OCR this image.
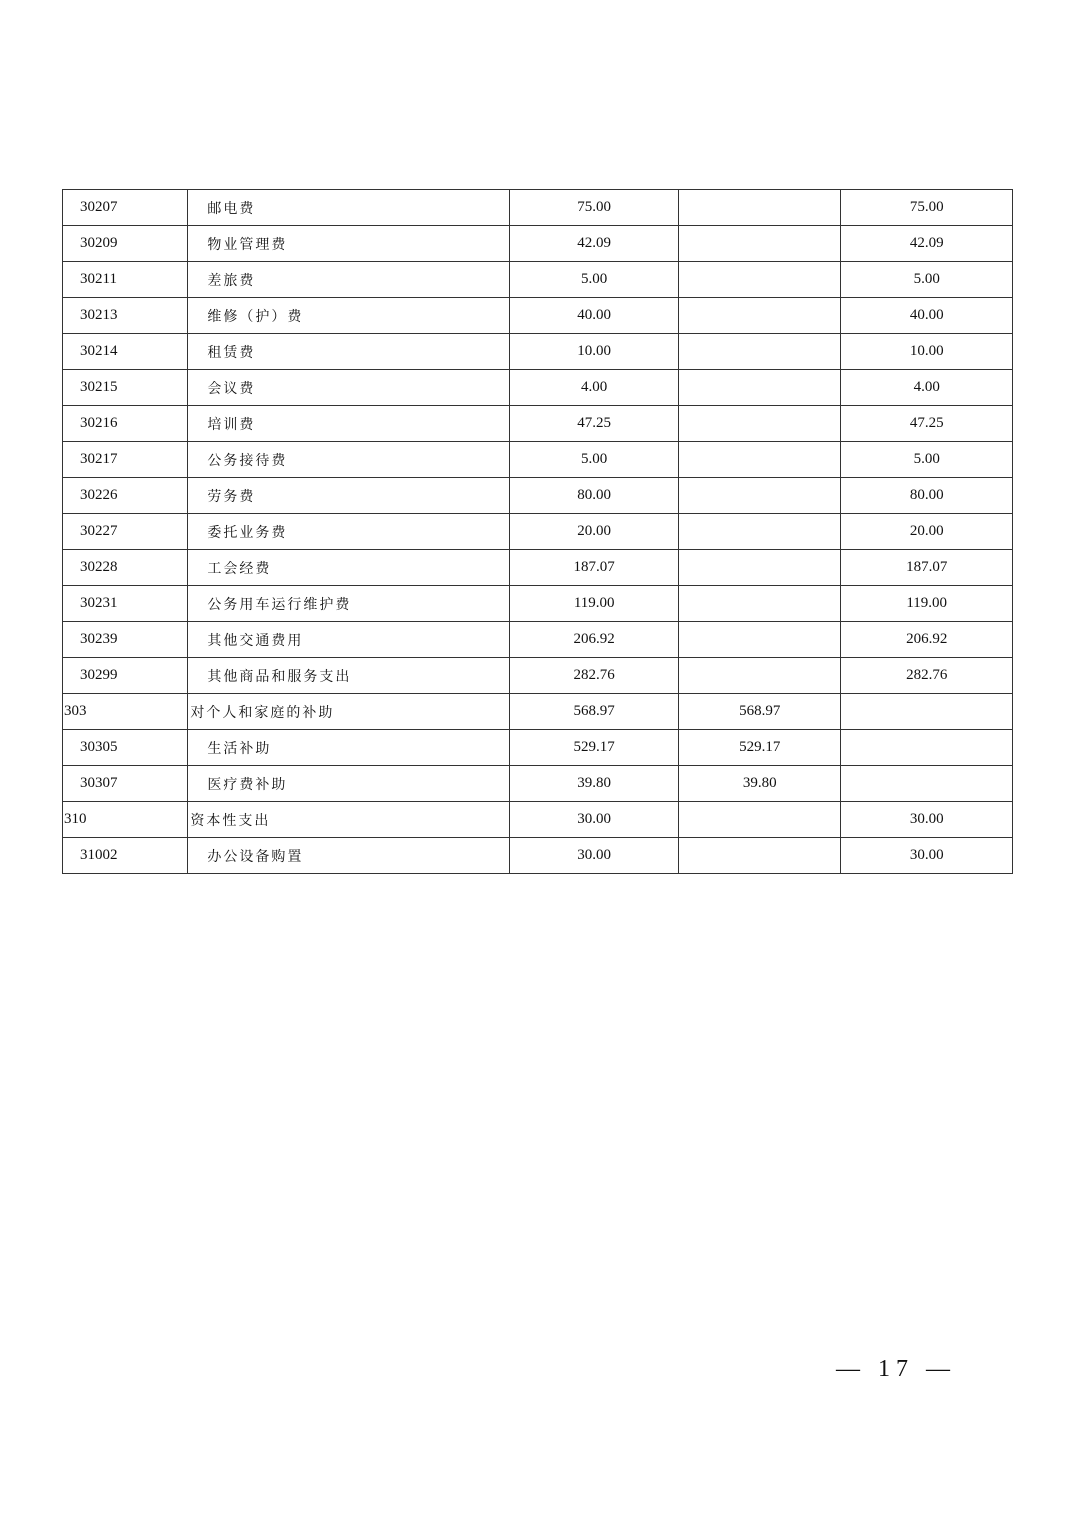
30207	邮电费	75.00		75.00
30209	物业管理费	42.09		42.09
30211	差旅费	5.00		5.00
30213	维修（护）费	40.00		40.00
30214	租赁费	10.00		10.00
30215	会议费	4.00		4.00
30216	培训费	47.25		47.25
30217	公务接待费	5.00		5.00
30226	劳务费	80.00		80.00
30227	委托业务费	20.00		20.00
30228	工会经费	187.07		187.07
30231	公务用车运行维护费	119.00		119.00
30239	其他交通费用	206.92		206.92
30299	其他商品和服务支出	282.76		282.76
303	对个人和家庭的补助	568.97	568.97	
30305	生活补助	529.17	529.17	
30307	医疗费补助	39.80	39.80	
310	资本性支出	30.00		30.00
31002	办公设备购置	30.00		30.00
— 17 —
